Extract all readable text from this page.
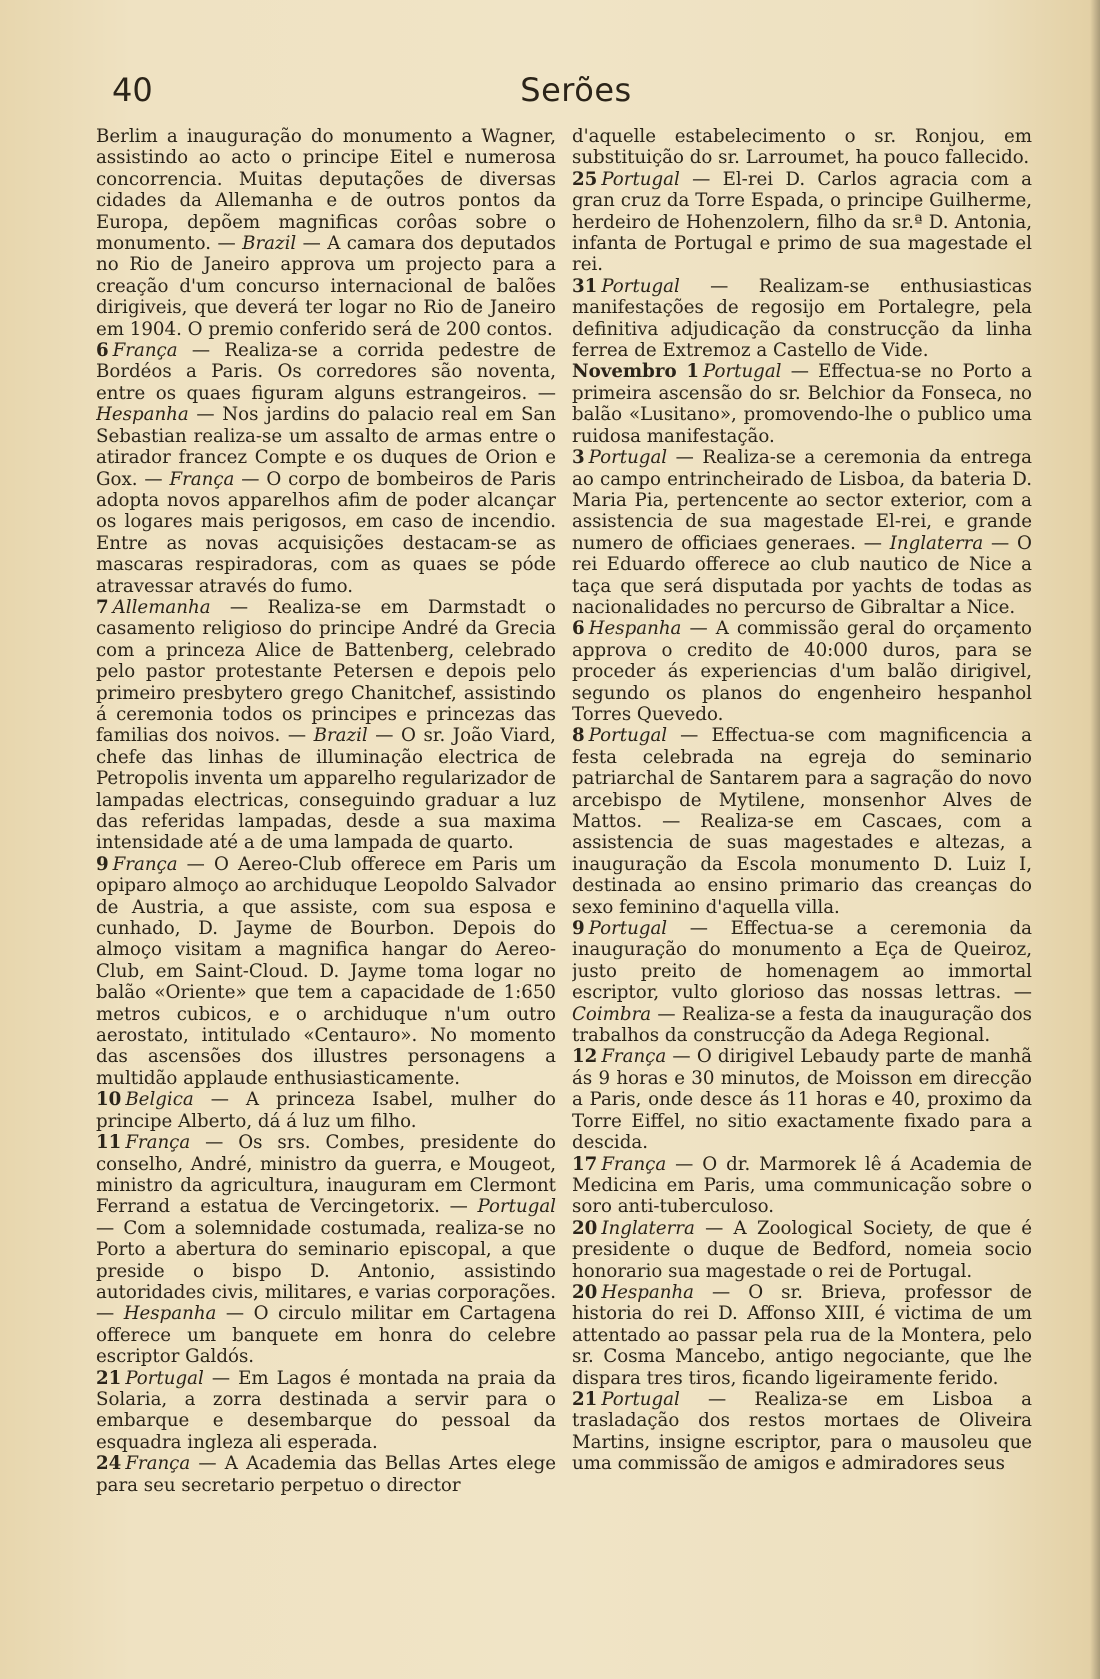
40	Serões

Berlim a inauguração do monumento a Wagner, assistindo ao acto o principe Eitel e numerosa concorrencia. Muitas deputações de diversas cidades da Allemanha e de outros pontos da Europa, depõem magnificas corôas sobre o monumento. — Brazil — A camara dos deputados no Rio de Janeiro approva um projecto para a creação d'um concurso internacional de balões dirigiveis, que deverá ter logar no Rio de Janeiro em 1904. O premio conferido será de 200 contos.

6 França — Realiza-se a corrida pedestre de Bordéos a Paris. Os corredores são noventa, entre os quaes figuram alguns estrangeiros. — Hespanha — Nos jardins do palacio real em San Sebastian realiza-se um assalto de armas entre o atirador francez Compte e os duques de Orion e Gox. — França — O corpo de bombeiros de Paris adopta novos apparelhos afim de poder alcançar os logares mais perigosos, em caso de incendio. Entre as novas acquisições destacam-se as mascaras respiradoras, com as quaes se póde atravessar através do fumo.

7 Allemanha — Realiza-se em Darmstadt o casamento religioso do principe André da Grecia com a princeza Alice de Battenberg, celebrado pelo pastor protestante Petersen e depois pelo primeiro presbytero grego Chanitchef, assistindo á ceremonia todos os principes e princezas das familias dos noivos. — Brazil — O sr. João Viard, chefe das linhas de illuminação electrica de Petropolis inventa um apparelho regularizador de lampadas electricas, conseguindo graduar a luz das referidas lampadas, desde a sua maxima intensidade até a de uma lampada de quarto.

9 França — O Aereo-Club offerece em Paris um opiparo almoço ao archiduque Leopoldo Salvador de Austria, a que assiste, com sua esposa e cunhado, D. Jayme de Bourbon. Depois do almoço visitam a magnifica hangar do Aereo-Club, em Saint-Cloud. D. Jayme toma logar no balão «Oriente» que tem a capacidade de 1:650 metros cubicos, e o archiduque n'um outro aerostato, intitulado «Centauro». No momento das ascensões dos illustres personagens a multidão applaude enthusiasticamente.

10 Belgica — A princeza Isabel, mulher do principe Alberto, dá á luz um filho.

11 França — Os srs. Combes, presidente do conselho, André, ministro da guerra, e Mougeot, ministro da agricultura, inauguram em Clermont Ferrand a estatua de Vercingetorix. — Portugal — Com a solemnidade costumada, realiza-se no Porto a abertura do seminario episcopal, a que preside o bispo D. Antonio, assistindo autoridades civis, militares, e varias corporações. — Hespanha — O circulo militar em Cartagena offerece um banquete em honra do celebre escriptor Galdós.

21 Portugal — Em Lagos é montada na praia da Solaria, a zorra destinada a servir para o embarque e desembarque do pessoal da esquadra ingleza ali esperada.

24 França — A Academia das Bellas Artes elege para seu secretario perpetuo o director

d'aquelle estabelecimento o sr. Ronjou, em substituição do sr. Larroumet, ha pouco fallecido.

25 Portugal — El-rei D. Carlos agracia com a gran cruz da Torre Espada, o principe Guilherme, herdeiro de Hohenzolern, filho da sr.ª D. Antonia, infanta de Portugal e primo de sua magestade el rei.

31 Portugal — Realizam-se enthusiasticas manifestações de regosijo em Portalegre, pela definitiva adjudicação da construcção da linha ferrea de Extremoz a Castello de Vide.

Novembro 1 Portugal — Effectua-se no Porto a primeira ascensão do sr. Belchior da Fonseca, no balão «Lusitano», promovendo-lhe o publico uma ruidosa manifestação.

3 Portugal — Realiza-se a ceremonia da entrega ao campo entrincheirado de Lisboa, da bateria D. Maria Pia, pertencente ao sector exterior, com a assistencia de sua magestade El-rei, e grande numero de officiaes generaes. — Inglaterra — O rei Eduardo offerece ao club nautico de Nice a taça que será disputada por yachts de todas as nacionalidades no percurso de Gibraltar a Nice.

6 Hespanha — A commissão geral do orçamento approva o credito de 40:000 duros, para se proceder ás experiencias d'um balão dirigivel, segundo os planos do engenheiro hespanhol Torres Quevedo.

8 Portugal — Effectua-se com magnificencia a festa celebrada na egreja do seminario patriarchal de Santarem para a sagração do novo arcebispo de Mytilene, monsenhor Alves de Mattos. — Realiza-se em Cascaes, com a assistencia de suas magestades e altezas, a inauguração da Escola monumento D. Luiz I, destinada ao ensino primario das creanças do sexo feminino d'aquella villa.

9 Portugal — Effectua-se a ceremonia da inauguração do monumento a Eça de Queiroz, justo preito de homenagem ao immortal escriptor, vulto glorioso das nossas lettras. — Coimbra — Realiza-se a festa da inauguração dos trabalhos da construcção da Adega Regional.

12 França — O dirigivel Lebaudy parte de manhã ás 9 horas e 30 minutos, de Moisson em direcção a Paris, onde desce ás 11 horas e 40, proximo da Torre Eiffel, no sitio exactamente fixado para a descida.

17 França — O dr. Marmorek lê á Academia de Medicina em Paris, uma communicação sobre o soro anti-tuberculoso.

20 Inglaterra — A Zoological Society, de que é presidente o duque de Bedford, nomeia socio honorario sua magestade o rei de Portugal.

20 Hespanha — O sr. Brieva, professor de historia do rei D. Affonso XIII, é victima de um attentado ao passar pela rua de la Montera, pelo sr. Cosma Mancebo, antigo negociante, que lhe dispara tres tiros, ficando ligeiramente ferido.

21 Portugal — Realiza-se em Lisboa a trasladação dos restos mortaes de Oliveira Martins, insigne escriptor, para o mausoleu que uma commissão de amigos e admiradores seus
